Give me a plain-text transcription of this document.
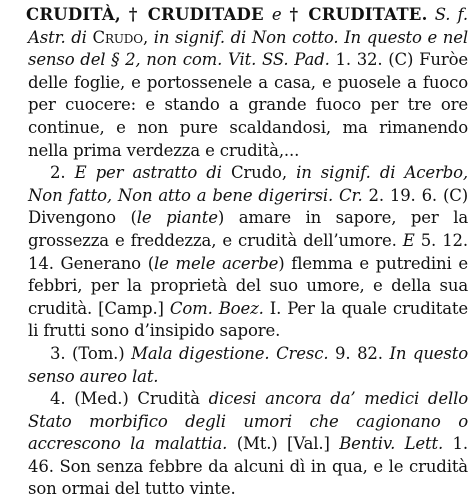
CRUDITÀ, † CRUDITADE e † CRUDITATE. S. f. Astr. di Crudo, in signif. di Non cotto. In questo e nel senso del § 2, non com. Vit. SS. Pad. 1. 32. (C) Furòe delle foglie, e portossenele a casa, e puosele a fuoco per cuocere: e stando a grande fuoco per tre ore continue, e non pure scaldandosi, ma rimanendo nella prima verdezza e crudità,...

2. E per astratto di Crudo, in signif. di Acerbo, Non fatto, Non atto a bene digerirsi. Cr. 2. 19. 6. (C) Divengono (le piante) amare in sapore, per la grossezza e freddezza, e crudità dell’umore. E 5. 12. 14. Generano (le mele acerbe) flemma e putredini e febbri, per la proprietà del suo umore, e della sua crudità. [Camp.] Com. Boez. I. Per la quale cruditate li frutti sono d’insipido sapore.

3. (Tom.) Mala digestione. Cresc. 9. 82. In questo senso aureo lat.

4. (Med.) Crudità dicesi ancora da’ medici dello Stato morbifico degli umori che cagionano o accrescono la malattia. (Mt.) [Val.] Bentiv. Lett. 1. 46. Son senza febbre da alcuni dì in qua, e le crudità son ormai del tutto vinte.
